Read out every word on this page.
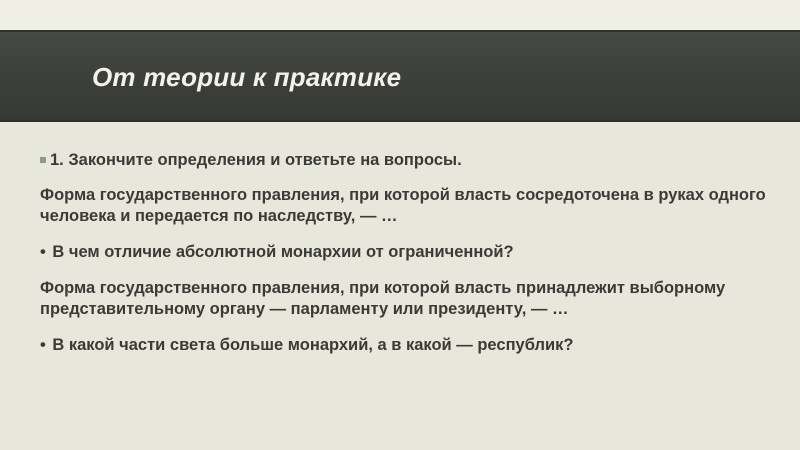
От теории к практике

1. Закончите определения и ответьте на вопросы.

Форма государственного правления, при которой власть сосредоточена в руках одного человека и передается по наследству, — …

• В чем отличие абсолютной монархии от ограниченной?

Форма государственного правления, при которой власть принадлежит выборному представительному органу — парламенту или президенту, — …

• В какой части света больше монархий, а в какой — республик?
